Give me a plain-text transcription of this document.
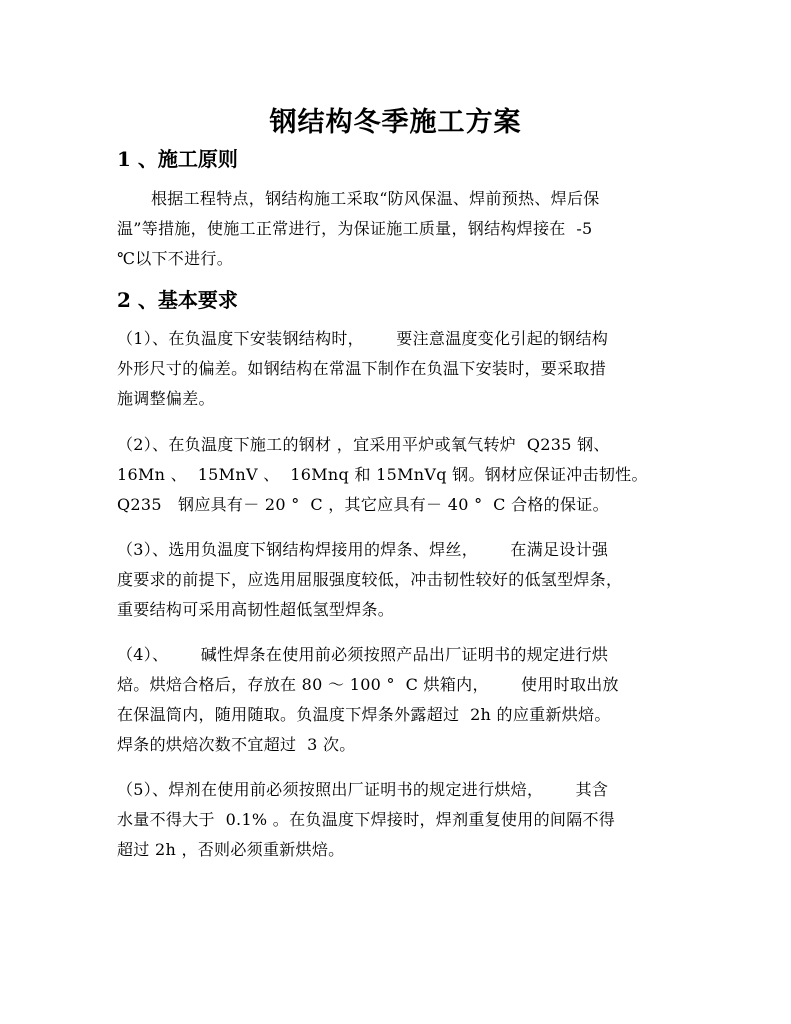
钢结构冬季施工方案
1 、施工原则
根据工程特点，钢结构施工采取“防风保温、焊前预热、焊后保
温”等措施，使施工正常进行，为保证施工质量，钢结构焊接在  -5
℃以下不进行。
2 、基本要求
（1）、在负温度下安装钢结构时，      要注意温度变化引起的钢结构
外形尺寸的偏差。如钢结构在常温下制作在负温下安装时，要采取措
施调整偏差。
（2）、在负温度下施工的钢材 ，宜采用平炉或氧气转炉  Q235 钢、
16Mn 、  15MnV 、  16Mnq 和 15MnVq 钢。钢材应保证冲击韧性。
Q235   钢应具有－ 20 °  C ，其它应具有－ 40 °  C 合格的保证。
（3）、选用负温度下钢结构焊接用的焊条、焊丝，      在满足设计强
度要求的前提下，应选用屈服强度较低，冲击韧性较好的低氢型焊条，
重要结构可采用高韧性超低氢型焊条。
（4）、      碱性焊条在使用前必须按照产品出厂证明书的规定进行烘
焙。烘焙合格后，存放在 80 ～ 100 °  C 烘箱内，      使用时取出放
在保温筒内，随用随取。负温度下焊条外露超过  2h 的应重新烘焙。
焊条的烘焙次数不宜超过  3 次。
（5）、焊剂在使用前必须按照出厂证明书的规定进行烘焙，      其含
水量不得大于  0.1% 。在负温度下焊接时，焊剂重复使用的间隔不得
超过 2h ，否则必须重新烘焙。
